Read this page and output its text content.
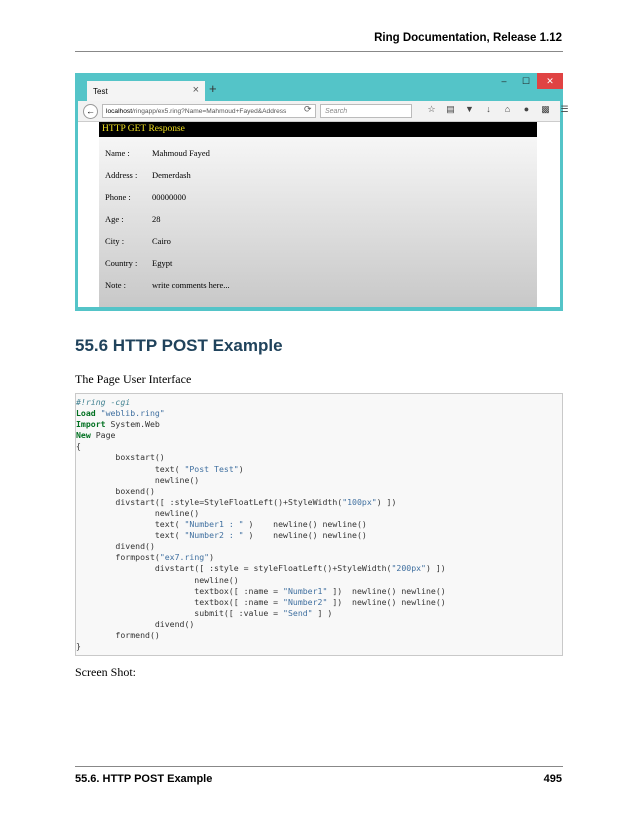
Ring Documentation, Release 1.12
Test	× +	–	☐	✕
←	localhost/ringapp/ex5.ring?Name=Mahmoud+Fayed&Address	⟳	Search	☆ ▤ ▼	↓	⌂	●	▩ ☰
HTTP GET Response
Name :	Mahmoud Fayed
Address :	Demerdash
Phone :	00000000
Age :	28
City :	Cairo
Country :	Egypt
Note :	write comments here...
55.6 HTTP POST Example
The Page User Interface
#!ring -cgi
Load "weblib.ring"
Import System.Web
New Page
{
boxstart()
text( "Post Test")
newline()
boxend()
divstart([ :style=StyleFloatLeft()+StyleWidth("100px") ])
newline()
text( "Number1 : " )    newline() newline()
text( "Number2 : " )    newline() newline()
divend()
formpost("ex7.ring")
divstart([ :style = styleFloatLeft()+StyleWidth("200px") ])
newline()
textbox([ :name = "Number1" ])  newline() newline()
textbox([ :name = "Number2" ])  newline() newline()
submit([ :value = "Send" ] )
divend()
formend()
}
Screen Shot:
55.6. HTTP POST Example	495
